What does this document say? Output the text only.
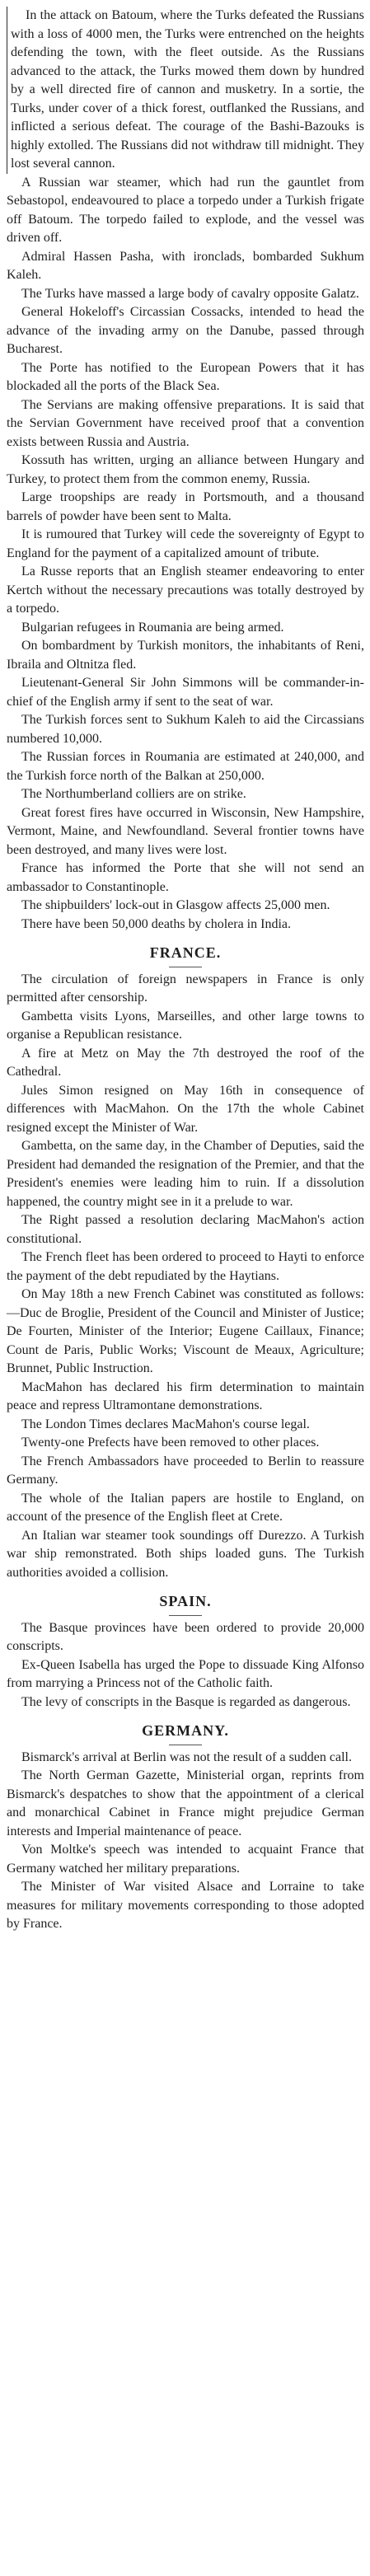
In the attack on Batoum, where the Turks defeated the Russians with a loss of 4000 men, the Turks were entrenched on the heights defending the town, with the fleet outside. As the Russians advanced to the attack, the Turks mowed them down by hundred by a well directed fire of cannon and musketry. In a sortie, the Turks, under cover of a thick forest, outflanked the Russians, and inflicted a serious defeat. The courage of the Bashi-Bazouks is highly extolled. The Russians did not withdraw till midnight. They lost several cannon.

A Russian war steamer, which had run the gauntlet from Sebastopol, endeavoured to place a torpedo under a Turkish frigate off Batoum. The torpedo failed to explode, and the vessel was driven off.

Admiral Hassen Pasha, with ironclads, bombarded Sukhum Kaleh.

The Turks have massed a large body of cavalry opposite Galatz.

General Hokeloff's Circassian Cossacks, intended to head the advance of the invading army on the Danube, passed through Bucharest.

The Porte has notified to the European Powers that it has blockaded all the ports of the Black Sea.

The Servians are making offensive preparations. It is said that the Servian Government have received proof that a convention exists between Russia and Austria.

Kossuth has written, urging an alliance between Hungary and Turkey, to protect them from the common enemy, Russia.

Large troopships are ready in Portsmouth, and a thousand barrels of powder have been sent to Malta.

It is rumoured that Turkey will cede the sovereignty of Egypt to England for the payment of a capitalized amount of tribute.

La Russe reports that an English steamer endeavoring to enter Kertch without the necessary precautions was totally destroyed by a torpedo.

Bulgarian refugees in Roumania are being armed.

On bombardment by Turkish monitors, the inhabitants of Reni, Ibraila and Oltnitza fled.

Lieutenant-General Sir John Simmons will be commander-in-chief of the English army if sent to the seat of war.

The Turkish forces sent to Sukhum Kaleh to aid the Circassians numbered 10,000.

The Russian forces in Roumania are estimated at 240,000, and the Turkish force north of the Balkan at 250,000.

The Northumberland colliers are on strike.

Great forest fires have occurred in Wisconsin, New Hampshire, Vermont, Maine, and Newfoundland. Several frontier towns have been destroyed, and many lives were lost.

France has informed the Porte that she will not send an ambassador to Constantinople.

The shipbuilders' lock-out in Glasgow affects 25,000 men.

There have been 50,000 deaths by cholera in India.

FRANCE.

The circulation of foreign newspapers in France is only permitted after censorship.

Gambetta visits Lyons, Marseilles, and other large towns to organise a Republican resistance.

A fire at Metz on May the 7th destroyed the roof of the Cathedral.

Jules Simon resigned on May 16th in consequence of differences with MacMahon. On the 17th the whole Cabinet resigned except the Minister of War.

Gambetta, on the same day, in the Chamber of Deputies, said the President had demanded the resignation of the Premier, and that the President's enemies were leading him to ruin. If a dissolution happened, the country might see in it a prelude to war.

The Right passed a resolution declaring MacMahon's action constitutional.

The French fleet has been ordered to proceed to Hayti to enforce the payment of the debt repudiated by the Haytians.

On May 18th a new French Cabinet was constituted as follows:—Duc de Broglie, President of the Council and Minister of Justice; De Fourten, Minister of the Interior; Eugene Caillaux, Finance; Count de Paris, Public Works; Viscount de Meaux, Agriculture; Brunnet, Public Instruction.

MacMahon has declared his firm determination to maintain peace and repress Ultramontane demonstrations.

The London Times declares MacMahon's course legal.

Twenty-one Prefects have been removed to other places.

The French Ambassadors have proceeded to Berlin to reassure Germany.

The whole of the Italian papers are hostile to England, on account of the presence of the English fleet at Crete.

An Italian war steamer took soundings off Durezzo. A Turkish war ship remonstrated. Both ships loaded guns. The Turkish authorities avoided a collision.

SPAIN.

The Basque provinces have been ordered to provide 20,000 conscripts.

Ex-Queen Isabella has urged the Pope to dissuade King Alfonso from marrying a Princess not of the Catholic faith.

The levy of conscripts in the Basque is regarded as dangerous.

GERMANY.

Bismarck's arrival at Berlin was not the result of a sudden call.

The North German Gazette, Ministerial organ, reprints from Bismarck's despatches to show that the appointment of a clerical and monarchical Cabinet in France might prejudice German interests and Imperial maintenance of peace.

Von Moltke's speech was intended to acquaint France that Germany watched her military preparations.

The Minister of War visited Alsace and Lorraine to take measures for military movements corresponding to those adopted by France.
